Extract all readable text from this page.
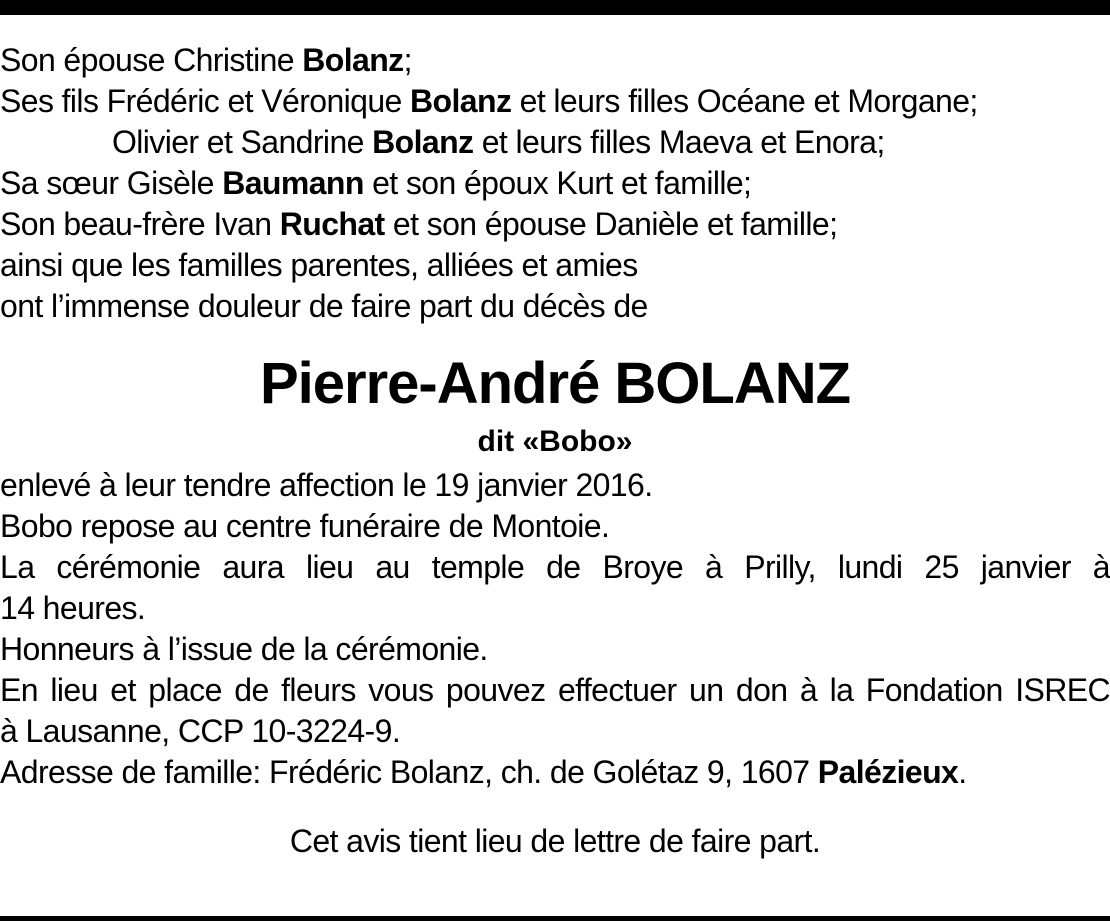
Son épouse Christine Bolanz;
Ses fils Frédéric et Véronique Bolanz et leurs filles Océane et Morgane;
Olivier et Sandrine Bolanz et leurs filles Maeva et Enora;
Sa sœur Gisèle Baumann et son époux Kurt et famille;
Son beau-frère Ivan Ruchat et son épouse Danièle et famille;
ainsi que les familles parentes, alliées et amies
ont l’immense douleur de faire part du décès de
Pierre-André BOLANZ
dit «Bobo»
enlevé à leur tendre affection le 19 janvier 2016.
Bobo repose au centre funéraire de Montoie.
La cérémonie aura lieu au temple de Broye à Prilly, lundi 25 janvier à
14 heures.
Honneurs à l’issue de la cérémonie.
En lieu et place de fleurs vous pouvez effectuer un don à la Fondation ISREC
à Lausanne, CCP 10-3224-9.
Adresse de famille: Frédéric Bolanz, ch. de Golétaz 9, 1607 Palézieux.
Cet avis tient lieu de lettre de faire part.
